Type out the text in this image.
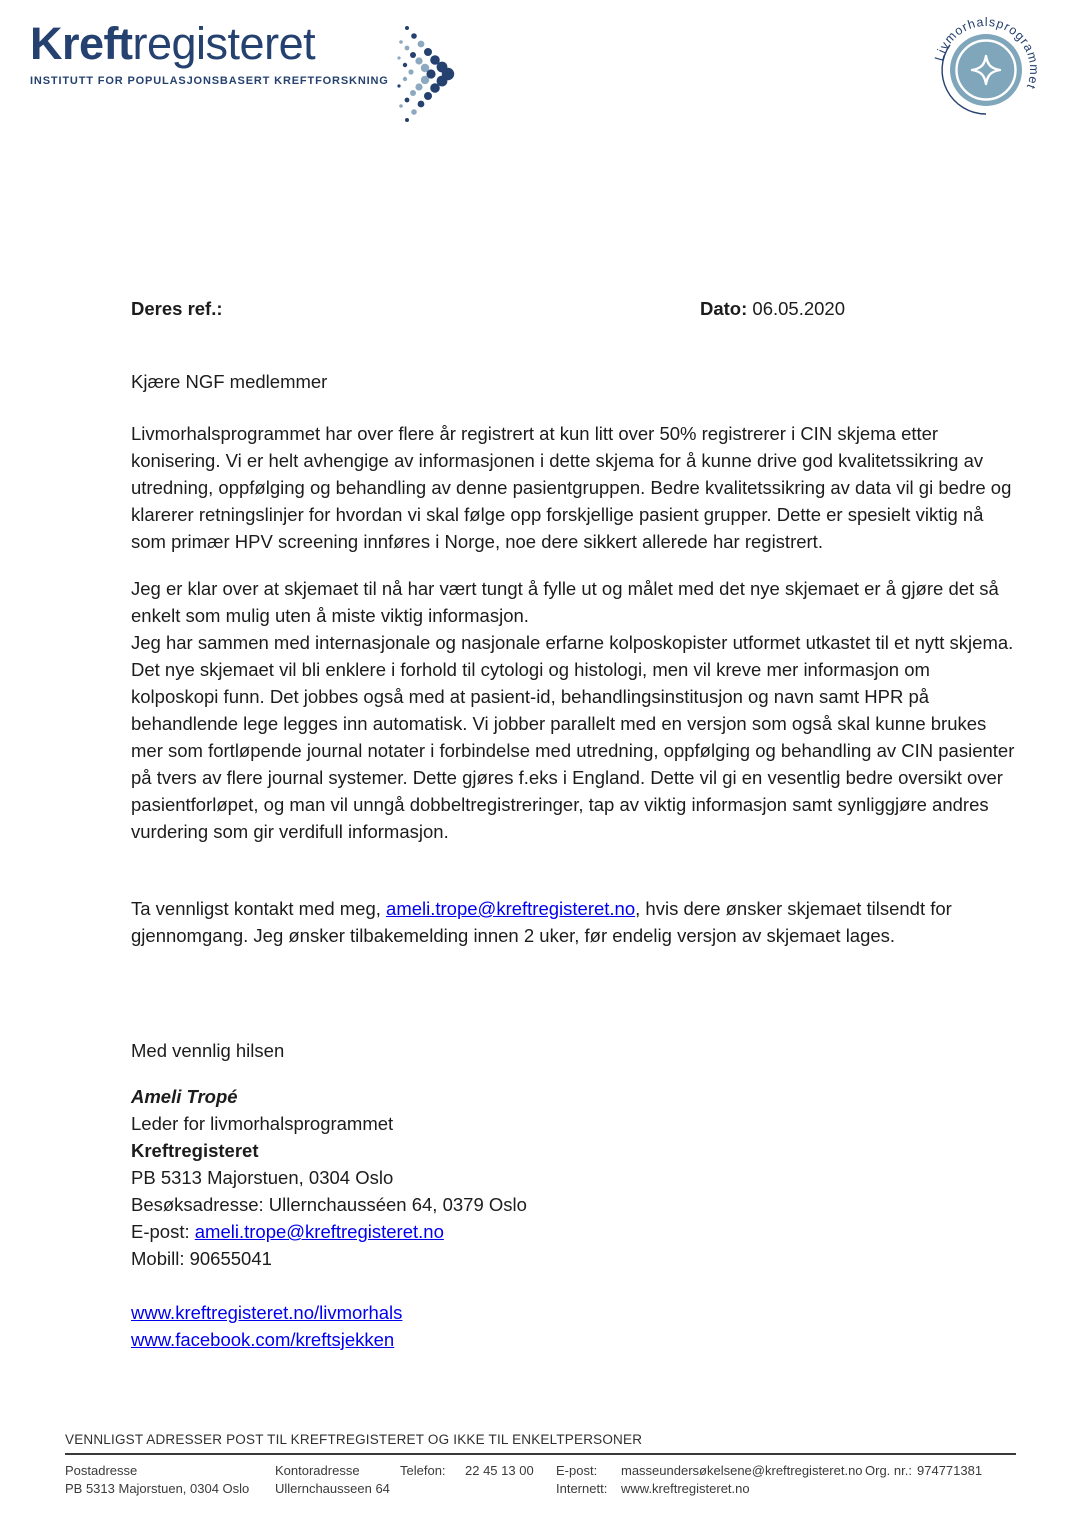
Kreftregisteret
INSTITUTT FOR POPULASJONSBASERT KREFTFORSKNING
Livmorhalsprogrammet
Deres ref.:	Dato: 06.05.2020
Kjære NGF medlemmer
Livmorhalsprogrammet har over flere år registrert at kun litt over 50% registrerer i CIN skjema etter konisering. Vi er helt avhengige av informasjonen i dette skjema for å kunne drive god kvalitetssikring av utredning, oppfølging og behandling av denne pasientgruppen. Bedre kvalitetssikring av data vil gi bedre og klarerer retningslinjer for hvordan vi skal følge opp forskjellige pasient grupper. Dette er spesielt viktig nå som primær HPV screening innføres i Norge, noe dere sikkert allerede har registrert.

Jeg er klar over at skjemaet til nå har vært tungt å fylle ut og målet med det nye skjemaet er å gjøre det så enkelt som mulig uten å miste viktig informasjon.

Jeg har sammen med internasjonale og nasjonale erfarne kolposkopister utformet utkastet til et nytt skjema. Det nye skjemaet vil bli enklere i forhold til cytologi og histologi, men vil kreve mer informasjon om kolposkopi funn. Det jobbes også med at pasient-id, behandlingsinstitusjon og navn samt HPR på behandlende lege legges inn automatisk. Vi jobber parallelt med en versjon som også skal kunne brukes mer som fortløpende journal notater i forbindelse med utredning, oppfølging og behandling av CIN pasienter på tvers av flere journal systemer. Dette gjøres f.eks i England. Dette vil gi en vesentlig bedre oversikt over pasientforløpet, og man vil unngå dobbeltregistreringer, tap av viktig informasjon samt synliggjøre andres vurdering som gir verdifull informasjon.

Ta vennligst kontakt med meg, ameli.trope@kreftregisteret.no, hvis dere ønsker skjemaet tilsendt for gjennomgang. Jeg ønsker tilbakemelding innen 2 uker, før endelig versjon av skjemaet lages.
Med vennlig hilsen
Ameli Tropé
Leder for livmorhalsprogrammet
Kreftregisteret
PB 5313 Majorstuen, 0304 Oslo
Besøksadresse: Ullernchausséen 64, 0379 Oslo
E-post: ameli.trope@kreftregisteret.no
Mobill: 90655041
www.kreftregisteret.no/livmorhals
www.facebook.com/kreftsjekken
VENNLIGST ADRESSER POST TIL KREFTREGISTERET OG IKKE TIL ENKELTPERSONER
Postadresse
PB 5313 Majorstuen, 0304 Oslo
Kontoradresse
Ullernchausseen 64
Telefon: 22 45 13 00 E-post: masseundersøkelsene@kreftregisteret.no
Internett: www.kreftregisteret.no
Org. nr.: 974771381
